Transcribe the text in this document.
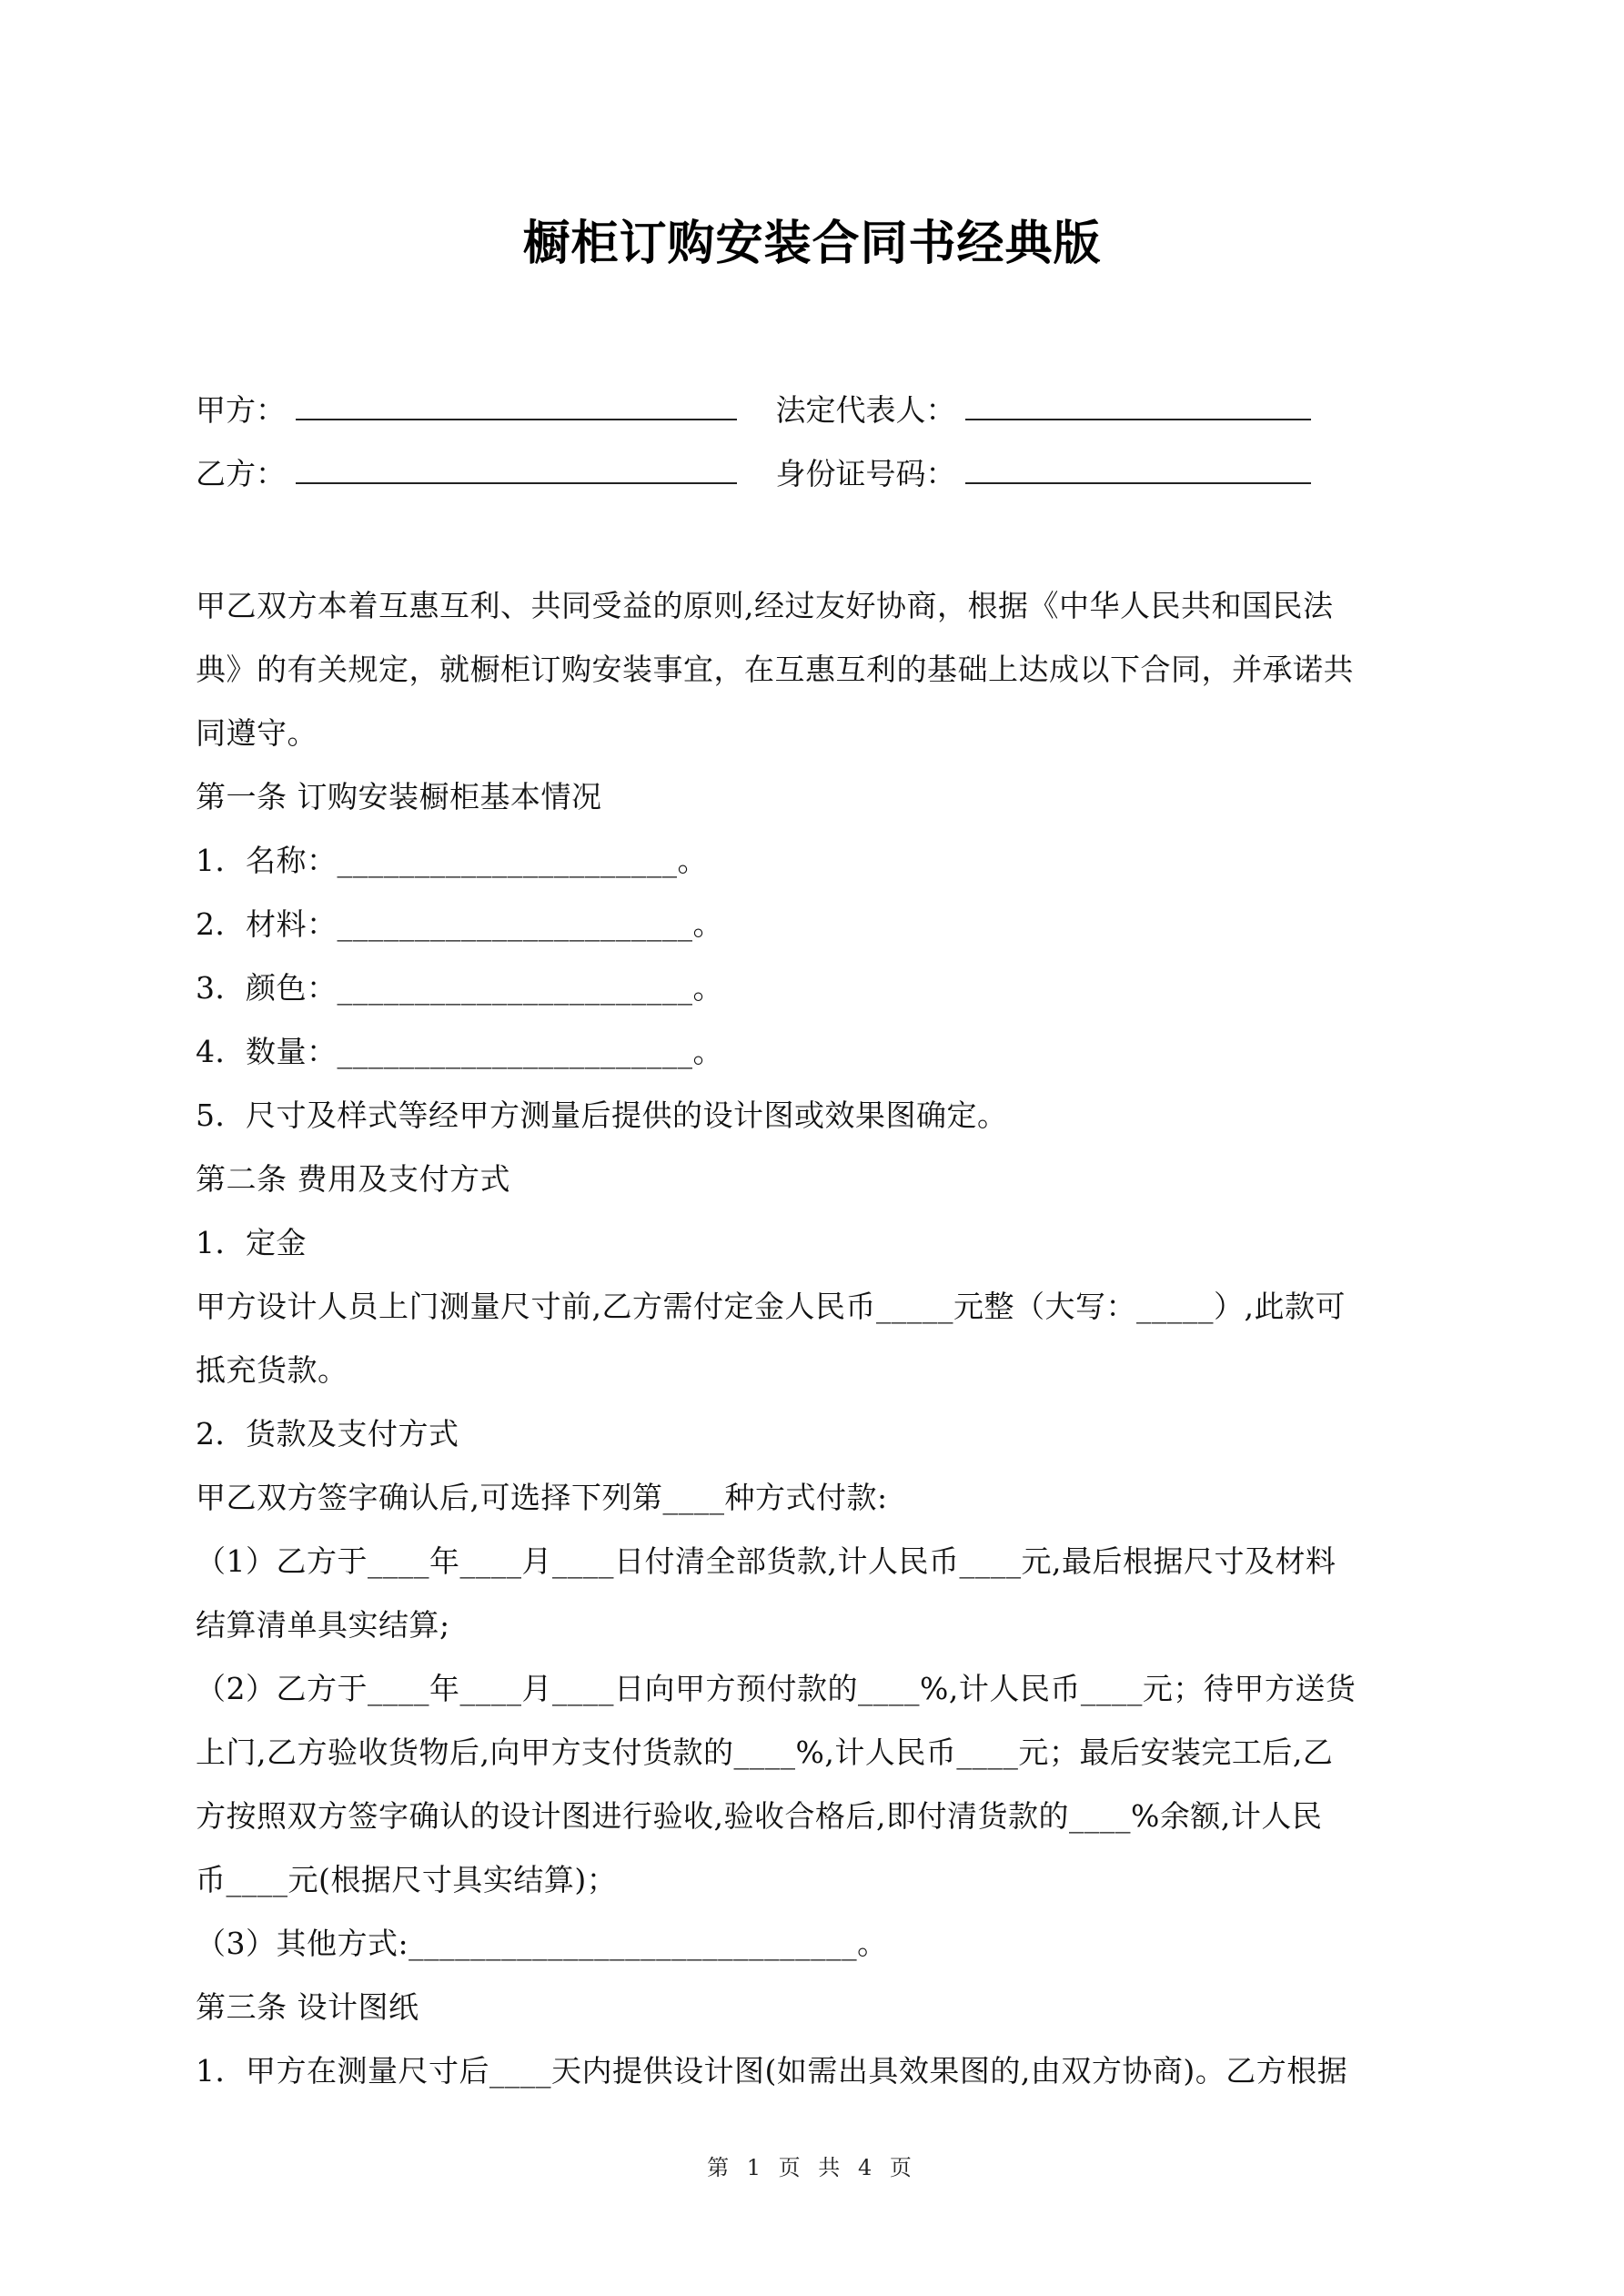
橱柜订购安装合同书经典版
甲方：	法定代表人：
乙方：	身份证号码：
甲乙双方本着互惠互利、共同受益的原则,经过友好协商，根据《中华人民共和国民法
典》的有关规定，就橱柜订购安装事宜，在互惠互利的基础上达成以下合同，并承诺共
同遵守。
第一条 订购安装橱柜基本情况
1．名称：______________________。
2．材料：_______________________。
3．颜色：_______________________。
4．数量：_______________________。
5．尺寸及样式等经甲方测量后提供的设计图或效果图确定。
第二条 费用及支付方式
1．定金
甲方设计人员上门测量尺寸前,乙方需付定金人民币_____元整（大写：_____）,此款可
抵充货款。
2．货款及支付方式
甲乙双方签字确认后,可选择下列第____种方式付款:
（1）乙方于____年____月____日付清全部货款,计人民币____元,最后根据尺寸及材料
结算清单具实结算;
（2）乙方于____年____月____日向甲方预付款的____%,计人民币____元；待甲方送货
上门,乙方验收货物后,向甲方支付货款的____%,计人民币____元；最后安装完工后,乙
方按照双方签字确认的设计图进行验收,验收合格后,即付清货款的____%余额,计人民
币____元(根据尺寸具实结算)；
（3）其他方式:_____________________________。
第三条 设计图纸
1．甲方在测量尺寸后____天内提供设计图(如需出具效果图的,由双方协商)。乙方根据
第 1 页 共 4 页
